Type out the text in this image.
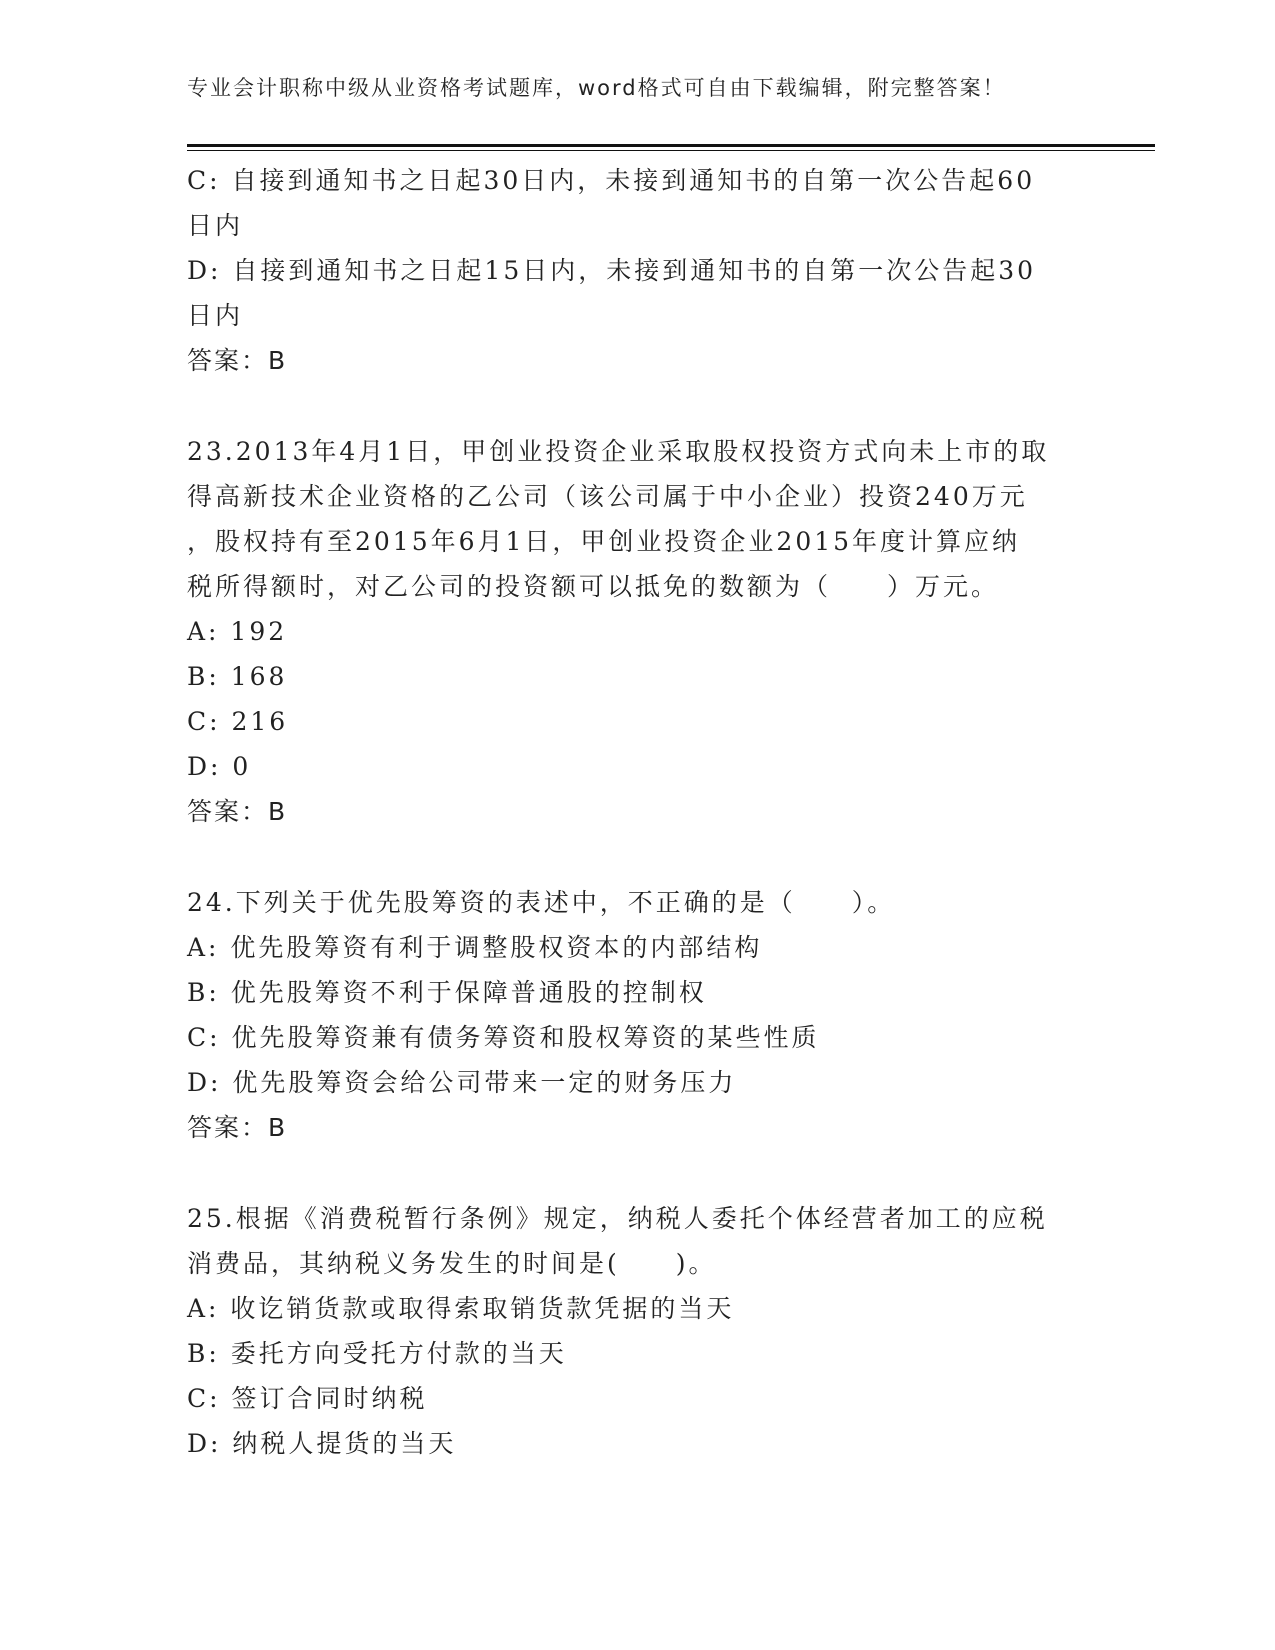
专业会计职称中级从业资格考试题库，word格式可自由下载编辑，附完整答案！
C: 自接到通知书之日起30日内，未接到通知书的自第一次公告起60
日内
D: 自接到通知书之日起15日内，未接到通知书的自第一次公告起30
日内
答案：B
23.2013年4月1日，甲创业投资企业采取股权投资方式向未上市的取
得高新技术企业资格的乙公司（该公司属于中小企业）投资240万元
，股权持有至2015年6月1日，甲创业投资企业2015年度计算应纳
税所得额时，对乙公司的投资额可以抵免的数额为（　　）万元。
A: 192
B: 168
C: 216
D: 0
答案：B
24.下列关于优先股筹资的表述中，不正确的是（　　）。
A: 优先股筹资有利于调整股权资本的内部结构
B: 优先股筹资不利于保障普通股的控制权
C: 优先股筹资兼有债务筹资和股权筹资的某些性质
D: 优先股筹资会给公司带来一定的财务压力
答案：B
25.根据《消费税暂行条例》规定，纳税人委托个体经营者加工的应税
消费品，其纳税义务发生的时间是(　　)。
A: 收讫销货款或取得索取销货款凭据的当天
B: 委托方向受托方付款的当天
C: 签订合同时纳税
D: 纳税人提货的当天
